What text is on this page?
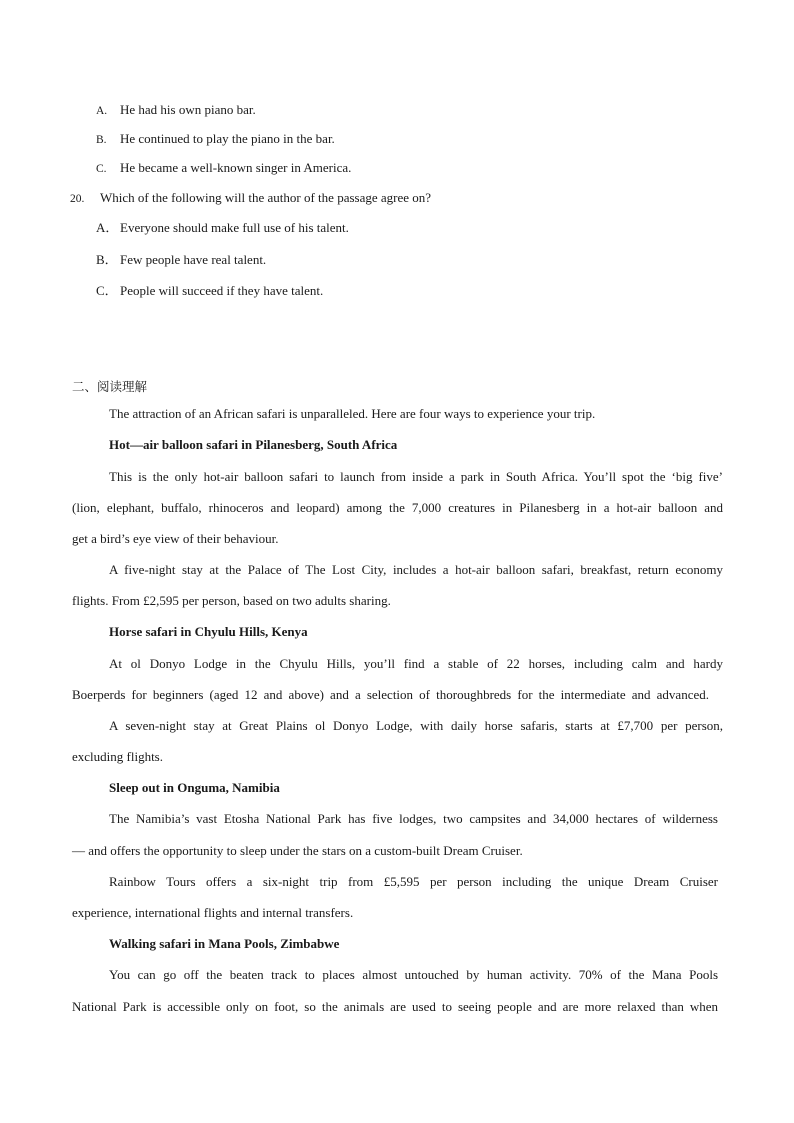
A. He had his own piano bar.
B. He continued to play the piano in the bar.
C. He became a well-known singer in America.
20. Which of the following will the author of the passage agree on?
A． Everyone should make full use of his talent.
B． Few people have real talent.
C． People will succeed if they have talent.
二、阅读理解
The attraction of an African safari is unparalleled. Here are four ways to experience your trip.
Hot—air balloon safari in Pilanesberg, South Africa
This is the only hot-air balloon safari to launch from inside a park in South Africa. You’ll spot the ‘big five’
(lion, elephant, buffalo, rhinoceros and leopard) among the 7,000 creatures in Pilanesberg in a hot-air balloon and
get a bird’s eye view of their behaviour.
A five-night stay at the Palace of The Lost City, includes a hot-air balloon safari, breakfast, return economy
flights. From £2,595 per person, based on two adults sharing.
Horse safari in Chyulu Hills, Kenya
At ol Donyo Lodge in the Chyulu Hills, you’ll find a stable of 22 horses, including calm and hardy
Boerperds for beginners (aged 12 and above) and a selection of thoroughbreds for the intermediate and advanced.
A seven-night stay at Great Plains ol Donyo Lodge, with daily horse safaris, starts at £7,700 per person,
excluding flights.
Sleep out in Onguma, Namibia
The Namibia’s vast Etosha National Park has five lodges, two campsites and 34,000 hectares of wilderness
— and offers the opportunity to sleep under the stars on a custom-built Dream Cruiser.
Rainbow Tours offers a six-night trip from £5,595 per person including the unique Dream Cruiser
experience, international flights and internal transfers.
Walking safari in Mana Pools, Zimbabwe
You can go off the beaten track to places almost untouched by human activity. 70% of the Mana Pools
National Park is accessible only on foot, so the animals are used to seeing people and are more relaxed than when
